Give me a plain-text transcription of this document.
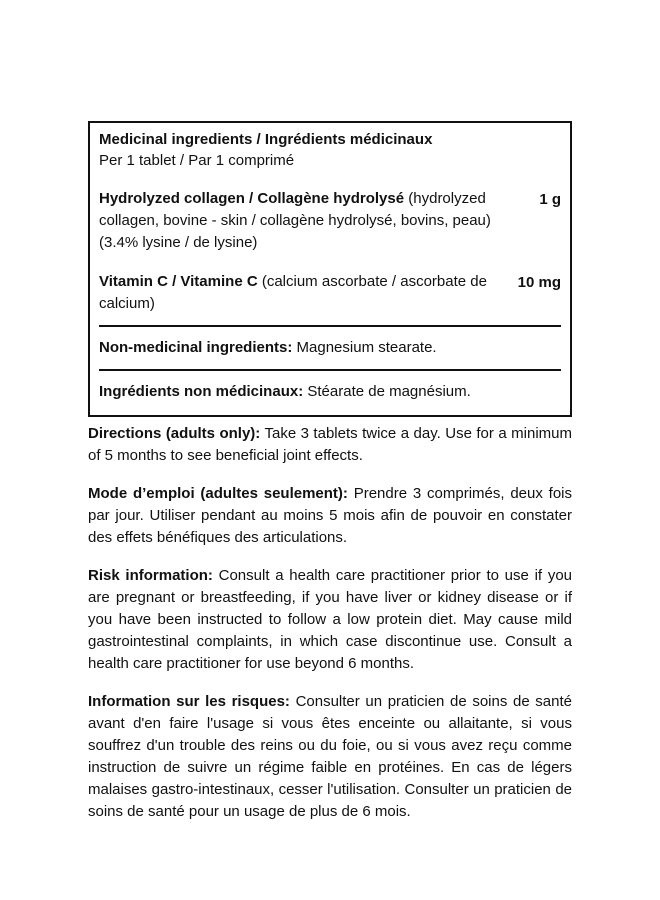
Medicinal ingredients / Ingrédients médicinaux
Per 1 tablet / Par 1 comprimé

Hydrolyzed collagen / Collagène hydrolysé (hydrolyzed collagen, bovine - skin / collagène hydrolysé, bovins, peau) (3.4% lysine / de lysine)

1 g

Vitamin C / Vitamine C (calcium ascorbate / ascorbate de calcium)

10 mg

Non-medicinal ingredients: Magnesium stearate.

Ingrédients non médicinaux: Stéarate de magnésium.

Directions (adults only): Take 3 tablets twice a day. Use for a minimum of 5 months to see beneficial joint effects.

Mode d’emploi (adultes seulement): Prendre 3 comprimés, deux fois par jour. Utiliser pendant au moins 5 mois afin de pouvoir en constater des effets bénéfiques des articulations.

Risk information: Consult a health care practitioner prior to use if you are pregnant or breastfeeding, if you have liver or kidney disease or if you have been instructed to follow a low protein diet. May cause mild gastrointestinal complaints, in which case discontinue use. Consult a health care practitioner for use beyond 6 months.

Information sur les risques: Consulter un praticien de soins de santé avant d'en faire l'usage si vous êtes enceinte ou allaitante, si vous souffrez d'un trouble des reins ou du foie, ou si vous avez reçu comme instruction de suivre un régime faible en protéines. En cas de légers malaises gastro-intestinaux, cesser l'utilisation. Consulter un praticien de soins de santé pour un usage de plus de 6 mois.
